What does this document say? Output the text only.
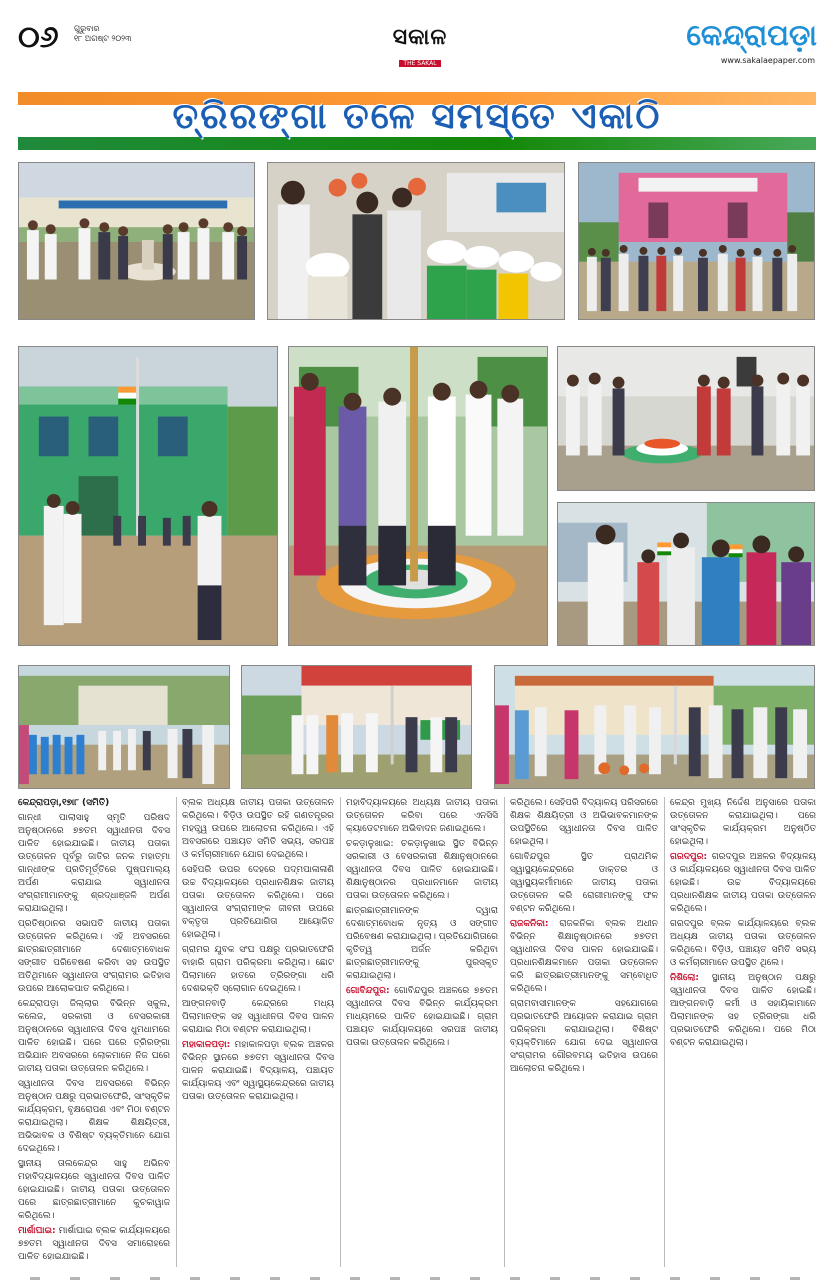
୦୬ ଗୁରୁବାର
୧୮ ଅଗଷ୍ଟ ୨୦୨୩	ସକାଳ
THE SAKAL
କେନ୍ଦ୍ରାପଡ଼ା
www.sakalaepaper.com
ତ୍ରିରଙ୍ଗା ତଳେ ସମସ୍ତେ ଏକାଠି

କେନ୍ଦ୍ରାପଡ଼ା,୧୭ା୮ (ସମିତି)

ଗାନ୍ଧୀ ପାଲାସାହୁ ସ୍ମୃତି ପରିଷଦ ଅନୁଷ୍ଠାନରେ ୭୭ତମ ସ୍ୱାଧୀନତା ଦିବସ ପାଳିତ ହୋଇଯାଇଛି। ଜାତୀୟ ପତାକା ଉତ୍ତୋଳନ ପୂର୍ବରୁ ଜାତିର ଜନକ ମହାତ୍ମା ଗାନ୍ଧୀଙ୍କ ପ୍ରତିମୂର୍ତ୍ତିରେ ପୁଷ୍ପମାଲ୍ୟ ଅର୍ପଣ କରାଯାଇ ସ୍ୱାଧୀନତା ସଂଗ୍ରାମୀମାନଙ୍କୁ ଶ୍ରଦ୍ଧାଞ୍ଜଳି ଅର୍ପଣ କରାଯାଇଥିଲା।

ପ୍ରତିଷ୍ଠାନର ସଭାପତି ଜାତୀୟ ପତାକା ଉତ୍ତୋଳନ କରିଥିଲେ। ଏହି ଅବସରରେ ଛାତ୍ରଛାତ୍ରୀମାନେ ଦେଶାତ୍ମବୋଧକ ସଙ୍ଗୀତ ପରିବେଷଣ କରିବା ସହ ଉପସ୍ଥିତ ଅତିଥିମାନେ ସ୍ୱାଧୀନତା ସଂଗ୍ରାମର ଇତିହାସ ଉପରେ ଆଲୋକପାତ କରିଥିଲେ।

କେନ୍ଦ୍ରାପଡ଼ା ଜିଲ୍ଲାର ବିଭିନ୍ନ ସ୍କୁଲ, କଲେଜ, ସରକାରୀ ଓ ବେସରକାରୀ ଅନୁଷ୍ଠାନରେ ସ୍ୱାଧୀନତା ଦିବସ ଧୁମଧାମରେ ପାଳିତ ହୋଇଛି। ଘରେ ଘରେ ତ୍ରିରଙ୍ଗା ଅଭିଯାନ ଅବସରରେ ଲୋକମାନେ ନିଜ ଘରେ ଜାତୀୟ ପତାକା ଉତ୍ତୋଳନ କରିଥିଲେ।

ସ୍ୱାଧୀନତା ଦିବସ ଅବସରରେ ବିଭିନ୍ନ ଅନୁଷ୍ଠାନ ପକ୍ଷରୁ ପ୍ରଭାତଫେରି, ସାଂସ୍କୃତିକ କାର୍ଯ୍ୟକ୍ରମ, ବୃକ୍ଷରୋପଣ ଏବଂ ମିଠା ବଣ୍ଟନ କରାଯାଇଥିଲା। ଶିକ୍ଷକ ଶିକ୍ଷୟିତ୍ରୀ, ଅଭିଭାବକ ଓ ବିଶିଷ୍ଟ ବ୍ୟକ୍ତିମାନେ ଯୋଗ ଦେଇଥିଲେ।

ସ୍ଥାନୀୟ ତାଲକେନ୍ଦ୍ର ସାହୁ ଅଭିନବ ମହାବିଦ୍ୟାଳୟରେ ସ୍ୱାଧୀନତା ଦିବସ ପାଳିତ ହୋଇଯାଇଛି। ଜାତୀୟ ପତାକା ଉତ୍ତୋଳନ ପରେ ଛାତ୍ରଛାତ୍ରୀମାନେ କୁଚକାୱାଜ କରିଥିଲେ।

ମାର୍ଶାଘାଇ: ମାର୍ଶାଘାଇ ବ୍ଲକ କାର୍ଯ୍ୟାଳୟରେ ୭୭ତମ ସ୍ୱାଧୀନତା ଦିବସ ସମାରୋହରେ ପାଳିତ ହୋଇଯାଇଛି।

ବ୍ଲକ ଅଧ୍ୟକ୍ଷ ଜାତୀୟ ପତାକା ଉତ୍ତୋଳନ କରିଥିଲେ। ବିଡ଼ିଓ ଉପସ୍ଥିତ ରହି ଗଣତନ୍ତ୍ରର ମହତ୍ତ୍ୱ ଉପରେ ଆଲୋଚନା କରିଥିଲେ। ଏହି ଅବସରରେ ପଞ୍ଚାୟତ ସମିତି ସଭ୍ୟ, ସରପଞ୍ଚ ଓ କର୍ମଚାରୀମାନେ ଯୋଗ ଦେଇଥିଲେ।

ସେହିପରି ଉପର ଦେହରେ ପଦ୍ମପାଳାଳାଣି ଉଚ୍ଚ ବିଦ୍ୟାଳୟରେ ପ୍ରଧାନଶିକ୍ଷକ ଜାତୀୟ ପତାକା ଉତ୍ତୋଳନ କରିଥିଲେ। ପରେ ସ୍ୱାଧୀନତା ସଂଗ୍ରାମୀଙ୍କ ଜୀବନୀ ଉପରେ ବକ୍ତୃତା ପ୍ରତିଯୋଗିତା ଆୟୋଜିତ ହୋଇଥିଲା।

ଗ୍ରାମର ଯୁବକ ସଂଘ ପକ୍ଷରୁ ପ୍ରଭାତଫେରି ବାହାରି ଗ୍ରାମ ପରିକ୍ରମା କରିଥିଲା। ଛୋଟ ପିଲାମାନେ ହାତରେ ତ୍ରିରଙ୍ଗା ଧରି ଦେଶଭକ୍ତି ସ୍ଲୋଗାନ ଦେଇଥିଲେ।

ଆଙ୍ଗନବାଡ଼ି କେନ୍ଦ୍ରରେ ମଧ୍ୟ ପିଲାମାନଙ୍କ ସହ ସ୍ୱାଧୀନତା ଦିବସ ପାଳନ କରାଯାଇ ମିଠା ବଣ୍ଟନ କରାଯାଇଥିଲା।

ମହାକାଳପଡ଼ା: ମହାକାଳପଡ଼ା ବ୍ଲକ ଅଞ୍ଚଳର ବିଭିନ୍ନ ସ୍ଥାନରେ ୭୭ତମ ସ୍ୱାଧୀନତା ଦିବସ ପାଳନ କରାଯାଇଛି। ବିଦ୍ୟାଳୟ, ପଞ୍ଚାୟତ କାର୍ଯ୍ୟାଳୟ ଏବଂ ସ୍ୱାସ୍ଥ୍ୟକେନ୍ଦ୍ରରେ ଜାତୀୟ ପତାକା ଉତ୍ତୋଳନ କରାଯାଇଥିଲା।

ମହାବିଦ୍ୟାଳୟରେ ଅଧ୍ୟକ୍ଷ ଜାତୀୟ ପତାକା ଉତ୍ତୋଳନ କରିବା ପରେ ଏନସିସି କ୍ୟାଡେଟମାନେ ଅଭିବାଦନ ଜଣାଇଥିଲେ।

ଚକଡ଼ାଳୁଖାଇ: ଚକଡ଼ାଳୁଖାଇ ସ୍ଥିତ ବିଭିନ୍ନ ସରକାରୀ ଓ ବେସରକାରୀ ଶିକ୍ଷାନୁଷ୍ଠାନରେ ସ୍ୱାଧୀନତା ଦିବସ ପାଳିତ ହୋଇଯାଇଛି। ଶିକ୍ଷାନୁଷ୍ଠାନର ପ୍ରଧାନମାନେ ଜାତୀୟ ପତାକା ଉତ୍ତୋଳନ କରିଥିଲେ।

ଛାତ୍ରଛାତ୍ରୀମାନଙ୍କ ଦ୍ୱାରା ଦେଶାତ୍ମବୋଧକ ନୃତ୍ୟ ଓ ସଙ୍ଗୀତ ପରିବେଷଣ କରାଯାଇଥିଲା। ପ୍ରତିଯୋଗିତାରେ କୃତିତ୍ୱ ଅର୍ଜନ କରିଥିବା ଛାତ୍ରଛାତ୍ରୀମାନଙ୍କୁ ପୁରସ୍କୃତ କରାଯାଇଥିଲା।

ଗୋବିନ୍ଦପୁର: ଗୋବିନ୍ଦପୁର ଅଞ୍ଚଳରେ ୭୭ତମ ସ୍ୱାଧୀନତା ଦିବସ ବିଭିନ୍ନ କାର୍ଯ୍ୟକ୍ରମ ମାଧ୍ୟମରେ ପାଳିତ ହୋଇଯାଇଛି। ଗ୍ରାମ ପଞ୍ଚାୟତ କାର୍ଯ୍ୟାଳୟରେ ସରପଞ୍ଚ ଜାତୀୟ ପତାକା ଉତ୍ତୋଳନ କରିଥିଲେ।

କରିଥିଲେ। ସେହିପରି ବିଦ୍ୟାଳୟ ପରିସରରେ ଶିକ୍ଷକ ଶିକ୍ଷୟିତ୍ରୀ ଓ ଅଭିଭାବକମାନଙ୍କ ଉପସ୍ଥିତିରେ ସ୍ୱାଧୀନତା ଦିବସ ପାଳିତ ହୋଇଥିଲା।

ଗୋବିନ୍ଦପୁର ସ୍ଥିତ ପ୍ରାଥମିକ ସ୍ୱାସ୍ଥ୍ୟକେନ୍ଦ୍ରରେ ଡାକ୍ତର ଓ ସ୍ୱାସ୍ଥ୍ୟକର୍ମୀମାନେ ଜାତୀୟ ପତାକା ଉତ୍ତୋଳନ କରି ରୋଗୀମାନଙ୍କୁ ଫଳ ବଣ୍ଟନ କରିଥିଲେ।

ରାଜକନିକା: ରାଜକନିକା ବ୍ଲକ ଅଧୀନ ବିଭିନ୍ନ ଶିକ୍ଷାନୁଷ୍ଠାନରେ ୭୭ତମ ସ୍ୱାଧୀନତା ଦିବସ ପାଳନ ହୋଇଯାଇଛି। ପ୍ରଧାନଶିକ୍ଷକମାନେ ପତାକା ଉତ୍ତୋଳନ କରି ଛାତ୍ରଛାତ୍ରୀମାନଙ୍କୁ ସମ୍ବୋଧିତ କରିଥିଲେ।

ଗ୍ରାମବାସୀମାନଙ୍କ ସହଯୋଗରେ ପ୍ରଭାତଫେରି ଆୟୋଜନ କରାଯାଇ ଗ୍ରାମ ପରିକ୍ରମା କରାଯାଇଥିଲା। ବିଶିଷ୍ଟ ବ୍ୟକ୍ତିମାନେ ଯୋଗ ଦେଇ ସ୍ୱାଧୀନତା ସଂଗ୍ରାମର ଗୌରବମୟ ଇତିହାସ ଉପରେ ଆଲୋଚନା କରିଥିଲେ।

କେନ୍ଦ୍ର ମୁଖ୍ୟ ନିର୍ଦ୍ଦେଶ ଅନୁସାରେ ପତାକା ଉତ୍ତୋଳନ କରାଯାଇଥିଲା। ପରେ ସାଂସ୍କୃତିକ କାର୍ଯ୍ୟକ୍ରମ ଅନୁଷ୍ଠିତ ହୋଇଥିଲା।

ଗରଦପୁର: ଗରଦପୁର ଅଞ୍ଚଳର ବିଦ୍ୟାଳୟ ଓ କାର୍ଯ୍ୟାଳୟରେ ସ୍ୱାଧୀନତା ଦିବସ ପାଳିତ ହୋଇଛି। ଉଚ୍ଚ ବିଦ୍ୟାଳୟରେ ପ୍ରଧାନଶିକ୍ଷକ ଜାତୀୟ ପତାକା ଉତ୍ତୋଳନ କରିଥିଲେ।

ଗରଦପୁର ବ୍ଲକ କାର୍ଯ୍ୟାଳୟରେ ବ୍ଲକ ଅଧ୍ୟକ୍ଷ ଜାତୀୟ ପତାକା ଉତ୍ତୋଳନ କରିଥିଲେ। ବିଡ଼ିଓ, ପଞ୍ଚାୟତ ସମିତି ସଭ୍ୟ ଓ କର୍ମଚାରୀମାନେ ଉପସ୍ଥିତ ଥିଲେ।

ନିଶିଲୋ: ସ୍ଥାନୀୟ ଅନୁଷ୍ଠାନ ପକ୍ଷରୁ ସ୍ୱାଧୀନତା ଦିବସ ପାଳିତ ହୋଇଛି। ଆଙ୍ଗନବାଡ଼ି କର୍ମୀ ଓ ସହାୟିକାମାନେ ପିଲାମାନଙ୍କ ସହ ତ୍ରିରଙ୍ଗା ଧରି ପ୍ରଭାତଫେରି କରିଥିଲେ। ପରେ ମିଠା ବଣ୍ଟନ କରାଯାଇଥିଲା।
